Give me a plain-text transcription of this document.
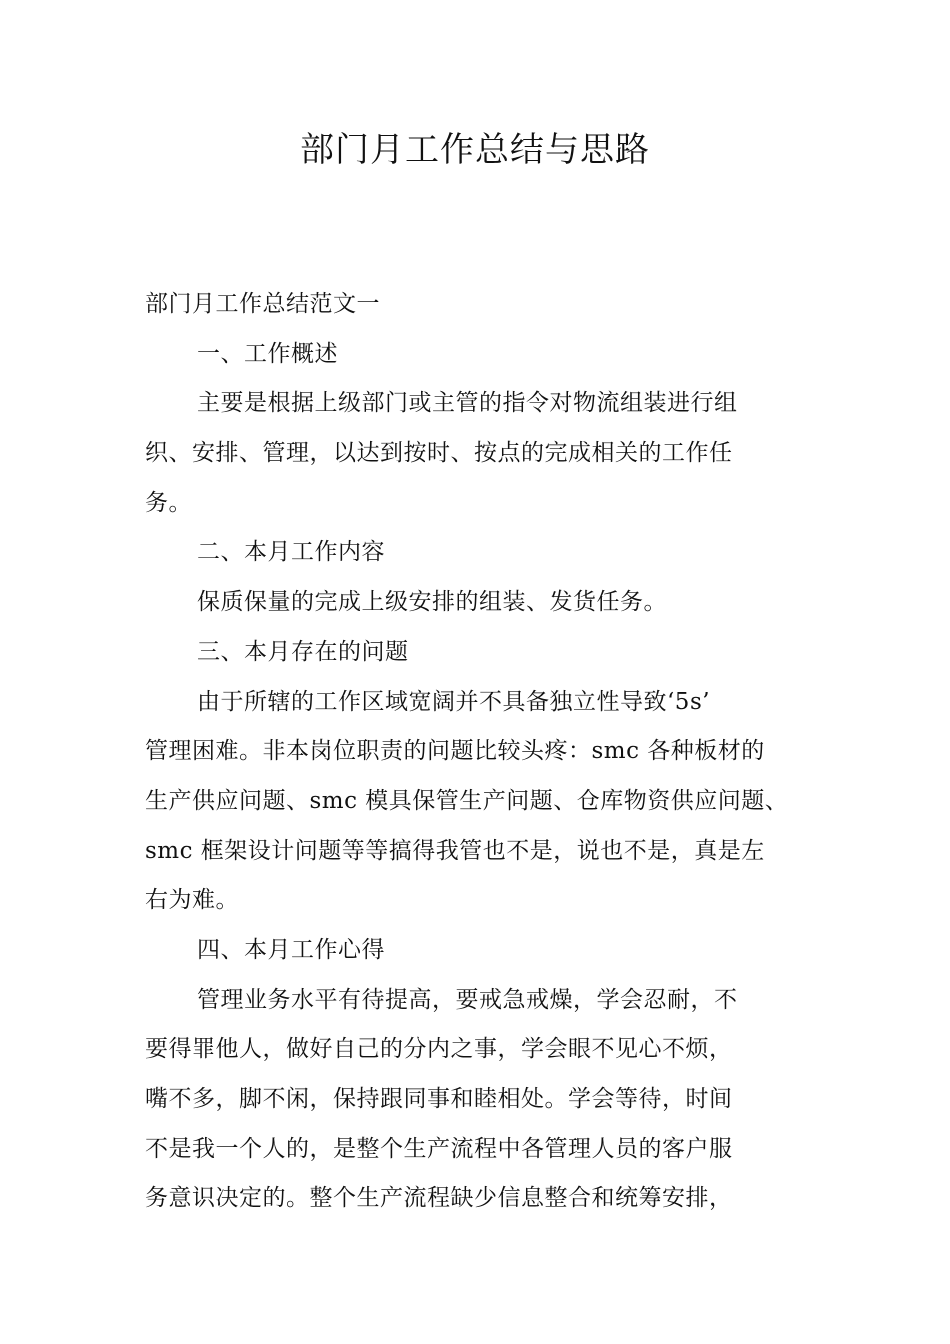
部门月工作总结与思路
部门月工作总结范文一
一、工作概述
主要是根据上级部门或主管的指令对物流组装进行组
织、安排、管理，以达到按时、按点的完成相关的工作任
务。
二、本月工作内容
保质保量的完成上级安排的组装、发货任务。
三、本月存在的问题
由于所辖的工作区域宽阔并不具备独立性导致‘5s’
管理困难。非本岗位职责的问题比较头疼：smc 各种板材的
生产供应问题、smc 模具保管生产问题、仓库物资供应问题、
smc 框架设计问题等等搞得我管也不是，说也不是，真是左
右为难。
四、本月工作心得
管理业务水平有待提高，要戒急戒燥，学会忍耐，不
要得罪他人，做好自己的分内之事，学会眼不见心不烦，
嘴不多，脚不闲，保持跟同事和睦相处。学会等待，时间
不是我一个人的，是整个生产流程中各管理人员的客户服
务意识决定的。整个生产流程缺少信息整合和统筹安排，
